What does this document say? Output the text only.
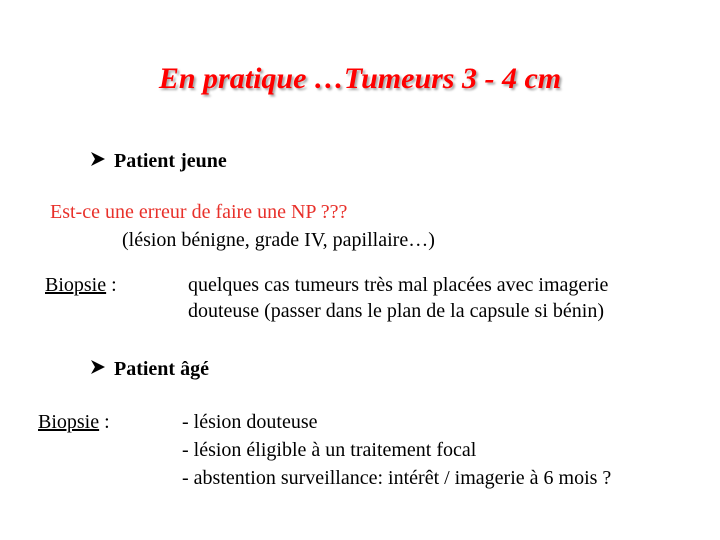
En pratique …Tumeurs 3 - 4 cm
Patient jeune
Est-ce une erreur de faire une NP ???
(lésion bénigne, grade IV, papillaire…)
Biopsie :	quelques cas tumeurs très mal placées avec imagerie
douteuse (passer dans le plan de la capsule si bénin)
Patient âgé
Biopsie :	- lésion douteuse
- lésion éligible à un traitement focal
- abstention surveillance: intérêt / imagerie à 6 mois ?
